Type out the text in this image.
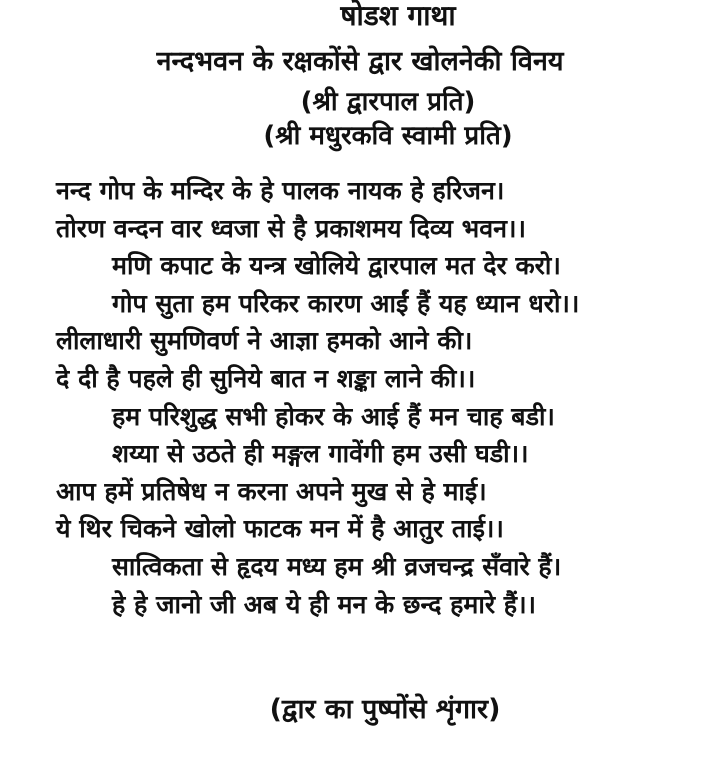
षोडश गाथा
नन्दभवन के रक्षकोंसे द्वार खोलनेकी विनय
(श्री द्वारपाल प्रति)
(श्री मधुरकवि स्वामी प्रति)
नन्द गोप के मन्दिर के हे पालक नायक हे हरिजन।
तोरण वन्दन वार ध्वजा से है प्रकाशमय दिव्य भवन।।
मणि कपाट के यन्त्र खोलिये द्वारपाल मत देर करो।
गोप सुता हम परिकर कारण आईं हैं यह ध्यान धरो।।
लीलाधारी सुमणिवर्ण ने आज्ञा हमको आने की।
दे दी है पहले ही सुनिये बात न शङ्का लाने की।।
हम परिशुद्ध सभी होकर के आई हैं मन चाह बडी।
शय्या से उठते ही मङ्गल गावेंगी हम उसी घडी।।
आप हमें प्रतिषेध न करना अपने मुख से हे माई।
ये थिर चिकने खोलो फाटक मन में है आतुर ताई।।
सात्विकता से हृदय मध्य हम श्री व्रजचन्द्र सँवारे हैं।
हे हे जानो जी अब ये ही मन के छन्द हमारे हैं।।
(द्वार का पुष्पोंसे शृंगार)
